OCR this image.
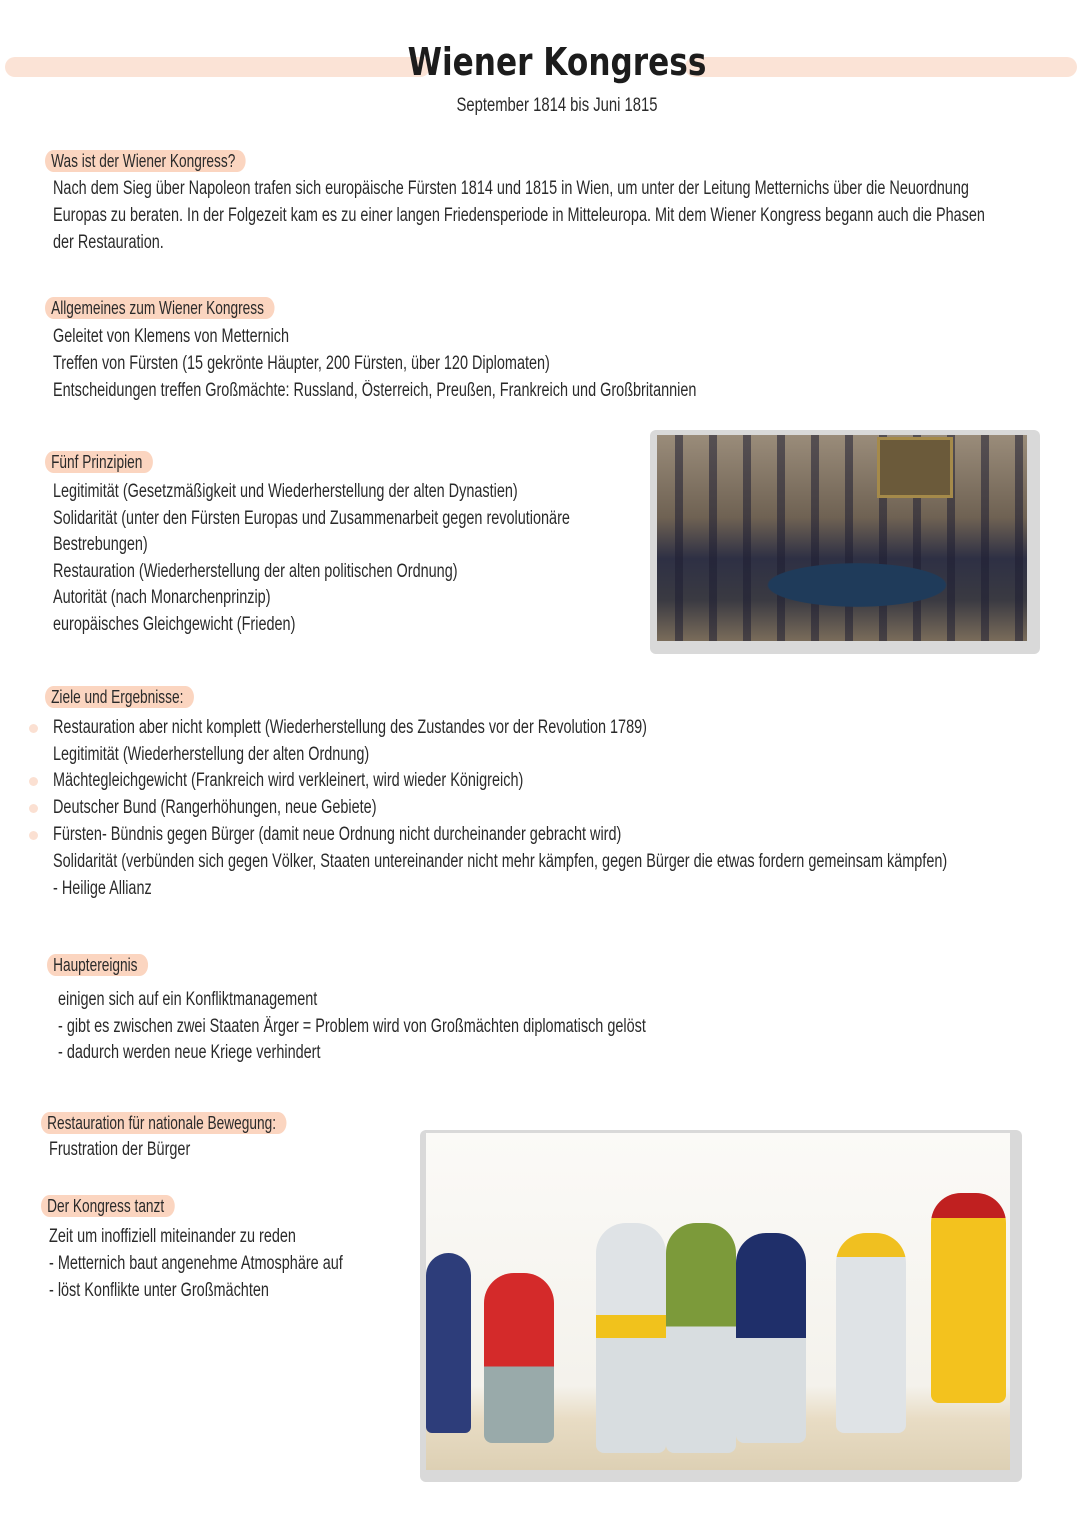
Wiener Kongress
September 1814 bis Juni 1815
Was ist der Wiener Kongress?
Nach dem Sieg über Napoleon trafen sich europäische Fürsten 1814 und 1815 in Wien, um unter der Leitung Metternichs über die Neuordnung
Europas zu beraten. In der Folgezeit kam es zu einer langen Friedensperiode in Mitteleuropa. Mit dem Wiener Kongress begann auch die Phasen
der Restauration.
Allgemeines zum Wiener Kongress
Geleitet von Klemens von Metternich
Treffen von Fürsten (15 gekrönte Häupter, 200 Fürsten, über 120 Diplomaten)
Entscheidungen treffen Großmächte: Russland, Österreich, Preußen, Frankreich und Großbritannien
Fünf Prinzipien
Legitimität (Gesetzmäßigkeit und Wiederherstellung der alten Dynastien)
Solidarität (unter den Fürsten Europas und Zusammenarbeit gegen revolutionäre
Bestrebungen)
Restauration (Wiederherstellung der alten politischen Ordnung)
Autorität (nach Monarchenprinzip)
europäisches Gleichgewicht (Frieden)
Ziele und Ergebnisse:
Restauration aber nicht komplett (Wiederherstellung des Zustandes vor der Revolution 1789)
Legitimität (Wiederherstellung der alten Ordnung)
Mächtegleichgewicht (Frankreich wird verkleinert, wird wieder Königreich)
Deutscher Bund (Rangerhöhungen, neue Gebiete)
Fürsten- Bündnis gegen Bürger (damit neue Ordnung nicht durcheinander gebracht wird)
Solidarität (verbünden sich gegen Völker, Staaten untereinander nicht mehr kämpfen, gegen Bürger die etwas fordern gemeinsam kämpfen)
- Heilige Allianz
Hauptereignis
einigen sich auf ein Konfliktmanagement
- gibt es zwischen zwei Staaten Ärger = Problem wird von Großmächten diplomatisch gelöst
- dadurch werden neue Kriege verhindert
Restauration für nationale Bewegung:
Frustration der Bürger
Der Kongress tanzt
Zeit um inoffiziell miteinander zu reden
- Metternich baut angenehme Atmosphäre auf
- löst Konflikte unter Großmächten
